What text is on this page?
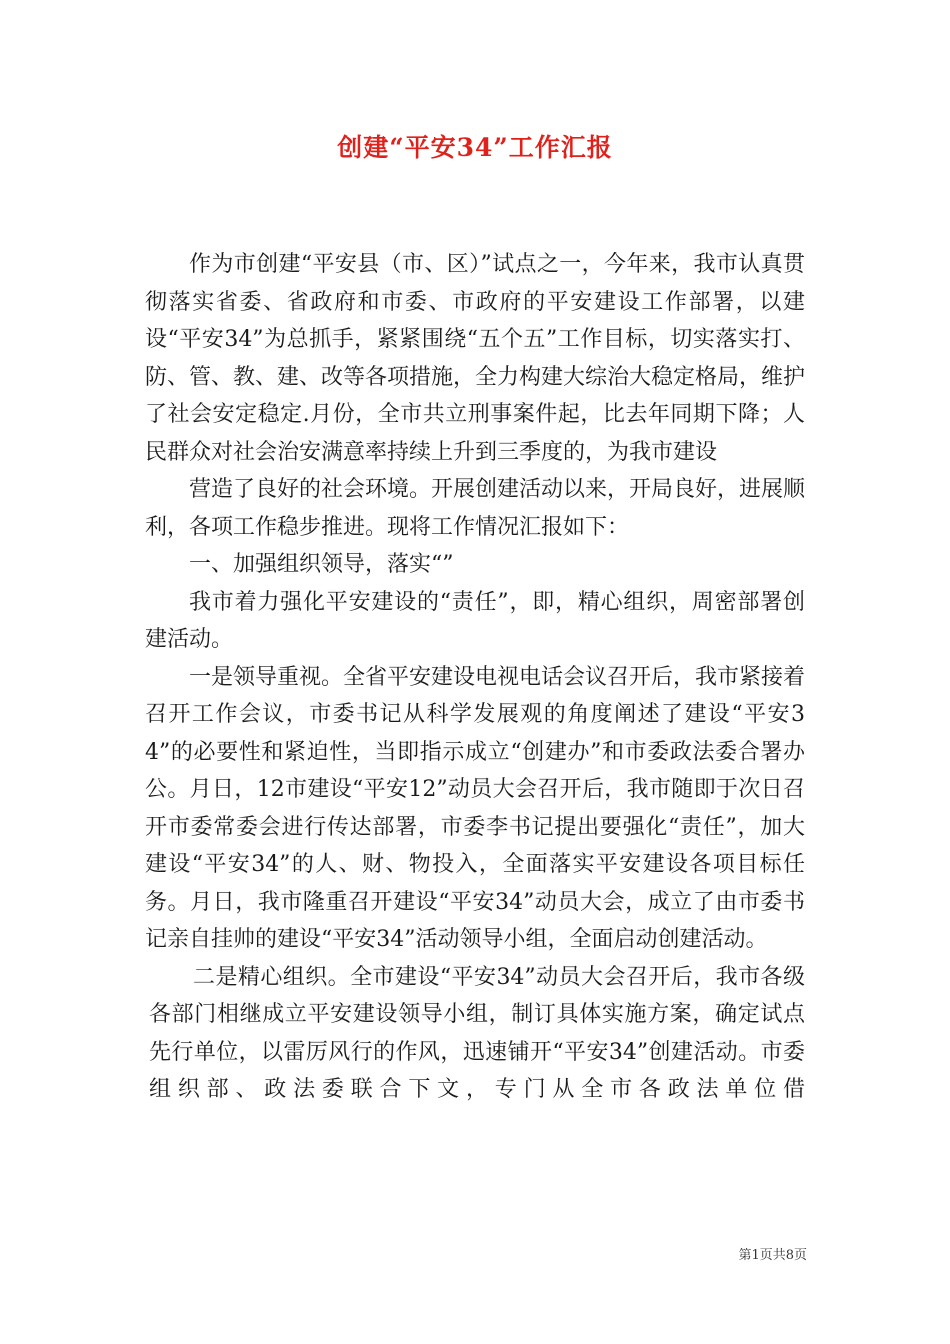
创建“平安34”工作汇报

作为市创建“平安县（市、区）”试点之一，今年来，我市认真贯彻落实省委、省政府和市委、市政府的平安建设工作部署，以建设“平安34”为总抓手，紧紧围绕“五个五”工作目标，切实落实打、防、管、教、建、改等各项措施，全力构建大综治大稳定格局，维护了社会安定稳定.月份，全市共立刑事案件起，比去年同期下降；人民群众对社会治安满意率持续上升到三季度的，为我市建设

营造了良好的社会环境。开展创建活动以来，开局良好，进展顺利，各项工作稳步推进。现将工作情况汇报如下：

一、加强组织领导，落实“”

我市着力强化平安建设的“责任”，即，精心组织，周密部署创建活动。

一是领导重视。全省平安建设电视电话会议召开后，我市紧接着召开工作会议，市委书记从科学发展观的角度阐述了建设“平安34”的必要性和紧迫性，当即指示成立“创建办”和市委政法委合署办公。月日，12市建设“平安12”动员大会召开后，我市随即于次日召开市委常委会进行传达部署，市委李书记提出要强化“责任”，加大建设“平安34”的人、财、物投入，全面落实平安建设各项目标任务。月日，我市隆重召开建设“平安34”动员大会，成立了由市委书记亲自挂帅的建设“平安34”活动领导小组，全面启动创建活动。

二是精心组织。全市建设“平安34”动员大会召开后，我市各级各部门相继成立平安建设领导小组，制订具体实施方案，确定试点先行单位，以雷厉风行的作风，迅速铺开“平安34”创建活动。市委组织部、政法委联合下文，专门从全市各政法单位借

第1页共8页
